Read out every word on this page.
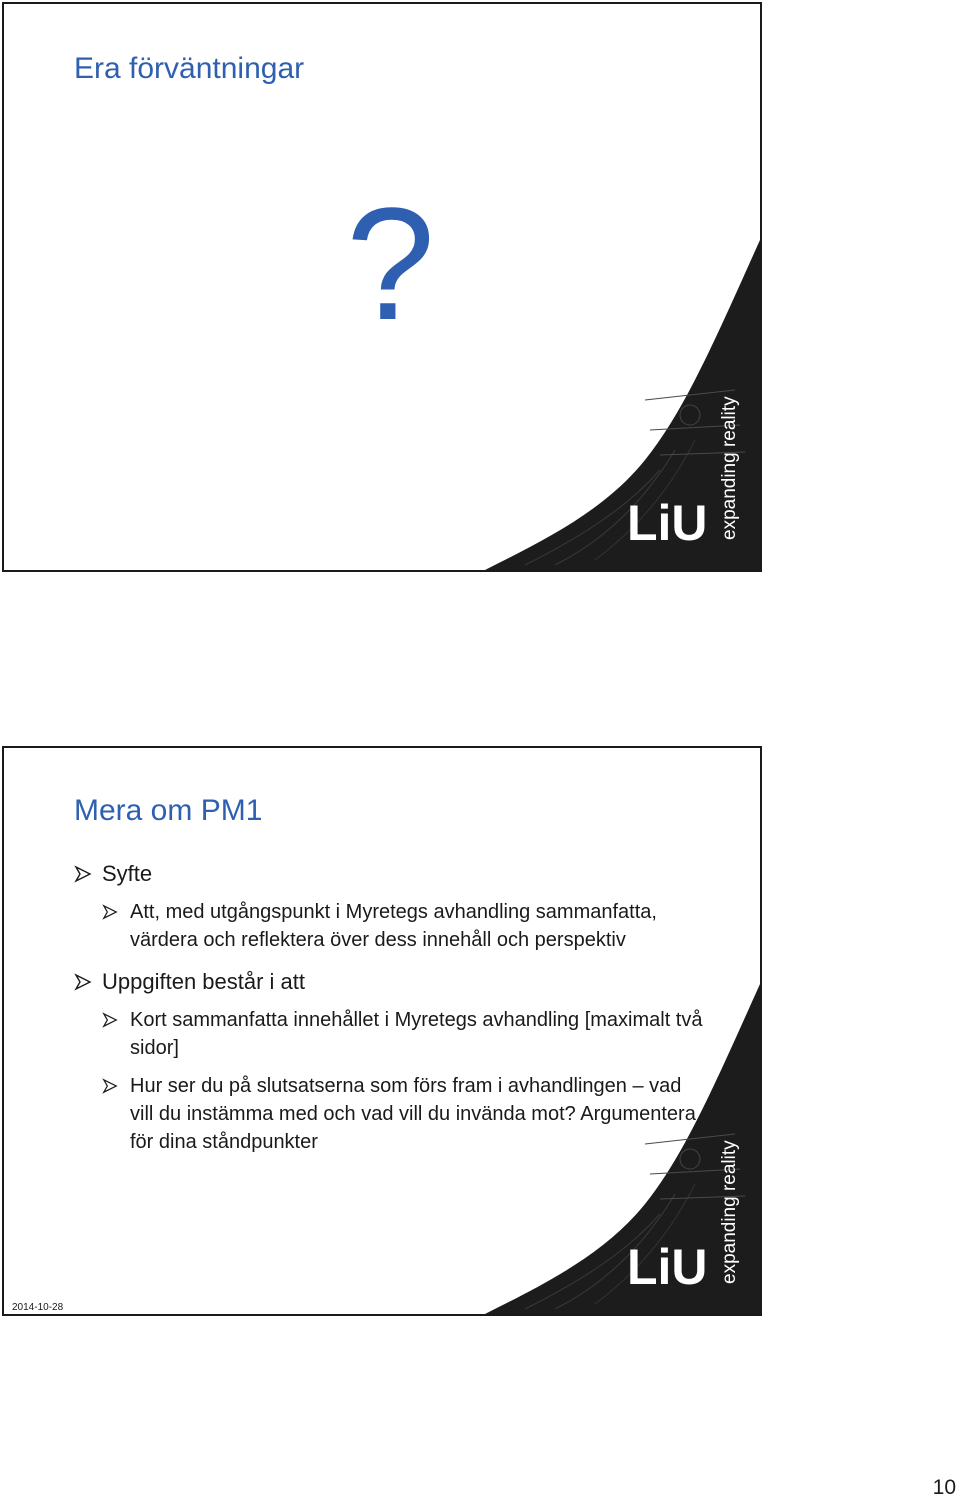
Era förväntningar
?
expanding reality
LiU
Mera om PM1
Syfte
Att, med utgångspunkt i Myretegs avhandling sammanfatta, värdera och reflektera över dess innehåll och perspektiv
Uppgiften består i att
Kort sammanfatta innehållet i Myretegs avhandling [maximalt två sidor]
Hur ser du på slutsatserna som förs fram i avhandlingen – vad vill du instämma med och vad vill du invända mot? Argumentera för dina ståndpunkter	expanding reality
LiU
2014-10-28
10
